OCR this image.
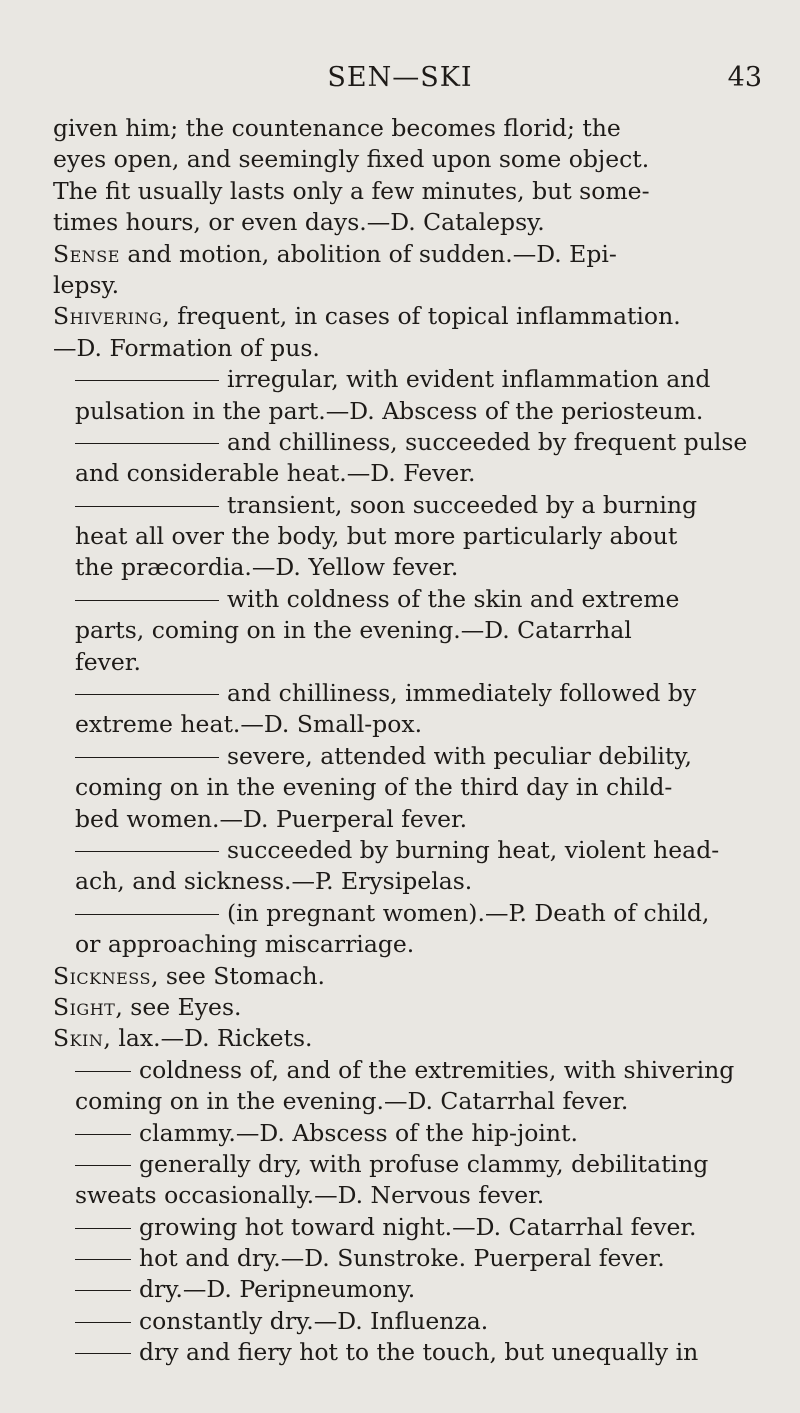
SEN—SKI	43
given him; the countenance becomes florid; the
eyes open, and seemingly fixed upon some object.
The fit usually lasts only a few minutes, but some-
times hours, or even days.—D. Catalepsy.
Sense and motion, abolition of sudden.—D. Epi-
lepsy.
Shivering, frequent, in cases of topical inflammation.
—D. Formation of pus.
irregular, with evident inflammation and
pulsation in the part.—D. Abscess of the periosteum.
and chilliness, succeeded by frequent pulse
and considerable heat.—D. Fever.
transient, soon succeeded by a burning
heat all over the body, but more particularly about
the præcordia.—D. Yellow fever.
with coldness of the skin and extreme
parts, coming on in the evening.—D. Catarrhal
fever.
and chilliness, immediately followed by
extreme heat.—D. Small-pox.
severe, attended with peculiar debility,
coming on in the evening of the third day in child-
bed women.—D. Puerperal fever.
succeeded by burning heat, violent head-
ach, and sickness.—P. Erysipelas.
(in pregnant women).—P. Death of child,
or approaching miscarriage.
Sickness, see Stomach.
Sight, see Eyes.
Skin, lax.—D. Rickets.
coldness of, and of the extremities, with shivering
coming on in the evening.—D. Catarrhal fever.
clammy.—D. Abscess of the hip-joint.
generally dry, with profuse clammy, debilitating
sweats occasionally.—D. Nervous fever.
growing hot toward night.—D. Catarrhal fever.
hot and dry.—D. Sunstroke. Puerperal fever.
dry.—D. Peripneumony.
constantly dry.—D. Influenza.
dry and fiery hot to the touch, but unequally in
